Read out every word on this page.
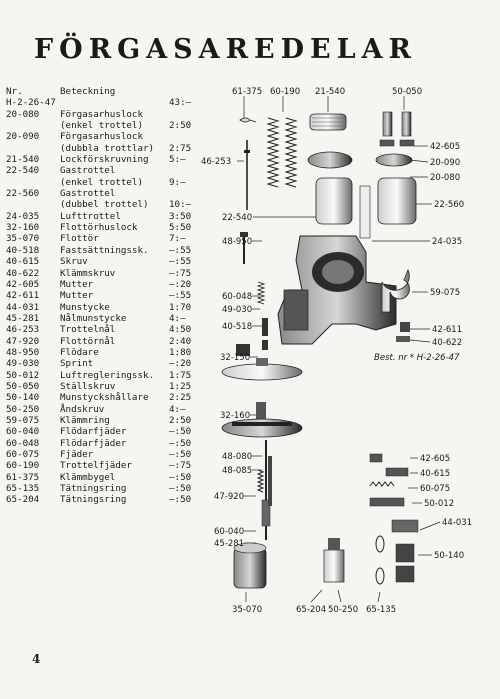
FÖRGASAREDELAR
Nr.	Beteckning
H-2-26-47	43:—
20-080 Förgasarhuslock
(enkel trottel)	2:50
20-090 Förgasarhuslock
(dubbla trottlar) 2:75
21-540 Lockförskruvning 5:—
22-540 Gastrottel
(enkel trottel)	9:—
22-560 Gastrottel
(dubbel trottel) 10:—
24-035 Lufttrottel	3:50
32-160 Flottörhuslock	5:50
35-070 Flottör	7:—
40-518 Fastsättningssk. —:55
40-615 Skruv	—:55
40-622 Klämmskruv	—:75
42-605 Mutter	—:20
42-611 Mutter	—:55
44-031 Munstycke	1:70
45-281 Nålmunstycke	4:—
46-253 Trottelnål	4:50
47-920 Flottörnål	2:40
48-950 Flödare	1:80
49-030 Sprint	—:20
50-012 Luftregleringssk. 1:75
50-050 Ställskruv	1:25
50-140 Munstyckshållare 2:25
50-250 Åndskruv	4:—
59-075 Klämmring	2:50
60-040 Flödarfjäder	—:50
60-048 Flödarfjäder	—:50
60-075 Fjäder	—:50
60-190 Trottelfjäder	—:75
61-375 Klämmbygel	—:50
65-135 Tätningsring	—:50
65-204 Tätningsring	—:50
61-375 60-190 21-540	50-050
42-605
20-090
20-080
46-253
22-540
22-560
24-035
48-950
59-075
60-048
49-030
40-518	42-611
40-622
Best. nr * H-2-26-47
32-150
32-160
48-080
48-085
42-605
40-615
60-075
50-012
47-920
44-031
60-040
45-281
50-140
35-070	65-204 50-250 65-135
4
